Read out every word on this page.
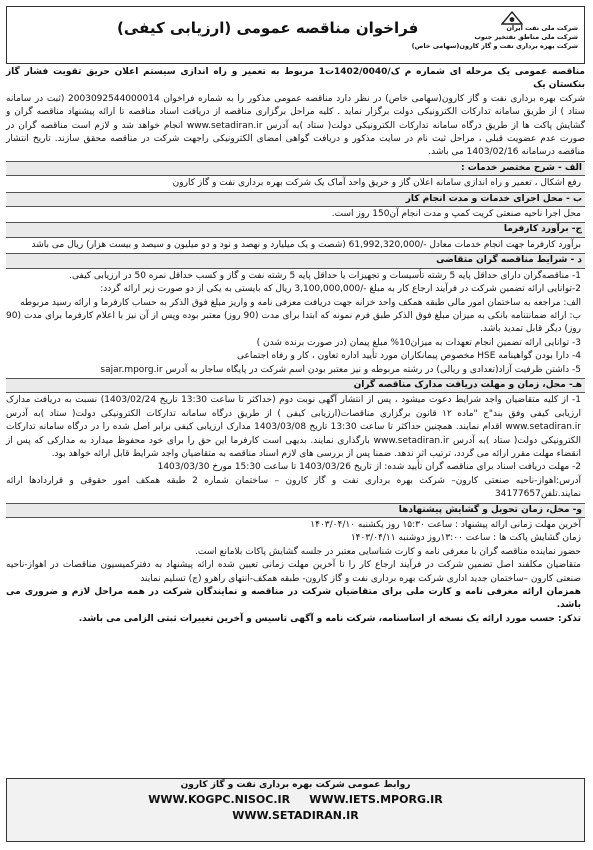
شرکت ملی نفت ایران
شرکت ملی مناطق نفتخیز جنوب
شرکت بهره برداری نفت و گاز کارون(سهامی خاص)
فراخوان مناقصه عمومی (ارزیابی کیفی)

مناقصه عمومی یک مرحله ای شماره م ک/1402/0040ت1 مربوط به تعمیر و راه اندازی سیستم اعلان حریق تقویت فشار گاز بنکستان یک

شرکت بهره برداری نفت و گاز کارون(سهامی خاص) در نظر دارد مناقصه عمومی مذکور را به شماره فراخوان 2003092544000014 (ثبت در سامانه ستاد ) از طریق سامانه تدارکات الکترونیکی دولت برگزار نماید . کلیه مراحل برگزاری مناقصه از دریافت اسناد مناقصه تا ارائه پیشنهاد مناقصه گران و گشایش پاکت ها از طریق درگاه سامانه تدارکات الکترونیکی دولت( ستاد )به آدرس www.setadiran.ir انجام خواهد شد و لازم است مناقصه گران در صورت عدم عضویت قبلی ، مراحل ثبت نام در سایت مذکور و دریافت گواهی امضای الکترونیکی راجهت شرکت در مناقصه محقق سازند. تاریخ انتشار مناقصه درسامانه 1403/02/16 می باشد.

الف - شرح مختصر خدمات :

رفع اشکال ، تعمیر و راه اندازی سامانه اعلان گاز و حریق واحد آماک یک شرکت بهره برداری نفت و گاز کارون

ب - محل اجرای خدمات و مدت انجام کار

محل اجرا ناحیه صنعتی کریت کمپ و مدت انجام آن150 روز است.

ج- برآورد کارفرما

برآورد کارفرما جهت انجام خدمات معادل -/61,992,320,000 (شصت و یک میلیارد و نهصد و نود و دو میلیون و سیصد و بیست هزار) ریال می باشد

د - شرایط مناقصه گران متقاضی

1- مناقصه‌گران دارای حداقل پایه 5 رشته تأسیسات و تجهیزات یا حداقل پایه 5 رشته نفت و گاز و کسب حداقل نمره 50 در ارزیابی کیفی.

2-توانایی ارائه تضمین شرکت در فرآیند ارجاع کار به مبلغ -/3,100,000,000 ریال که بایستی به یکی از دو صورت زیر ارائه گردد:

الف: مراجعه به ساختمان امور مالی طبقه همکف واحد خزانه جهت دریافت معرفی نامه و واریز مبلغ فوق الذکر به حساب کارفرما و ارائه رسید مربوطه

ب: ارائه ضمانتنامه بانکی به میزان مبلغ فوق الذکر طبق فرم نمونه که ابتدا برای مدت (90 روز) معتبر بوده وپس از آن نیز با اعلام کارفرما برای مدت (90 روز) دیگر قابل تمدید باشد.

3- توانایی ارائه تضمین انجام تعهدات به میزان10% مبلغ پیمان (در صورت برنده شدن )

4- دارا بودن گواهینامه HSE مخصوص پیمانکاران مورد تأیید اداره تعاون ، کار و رفاه اجتماعی

5- داشتن ظرفیت آزاد(تعدادی و ریالی) در رشته مربوطه و نیز معتبر بودن اسم شرکت در پایگاه ساجار به آدرس sajar.mporg.ir

هـ- محل، زمان و مهلت دریافت مدارک مناقصه گران

1- از کلیه متقاضیان واجد شرایط دعوت میشود ، پس از انتشار آگهی نوبت دوم (حداکثر تا ساعت 13:30 تاریخ 1403/02/24) نسبت به دریافت مدارک ارزیابی کیفی وفق بند"ج "ماده ۱۲ قانون برگزاری مناقصات(ارزیابی کیفی ) از طریق درگاه سامانه تدارکات الکترونیکی دولت( ستاد )به آدرس www.setadiran.ir اقدام نمایند. همچنین حداکثر تا ساعت 13:30 تاریخ 1403/03/08 مدارک ارزیابی کیفی برابر اصل شده را در درگاه سامانه تدارکات الکترونیکی دولت( ستاد )به آدرس www.setadiran.ir بارگذاری نمایند. بدیهی است کارفرما این حق را برای خود محفوظ میدارد به مدارکی که پس از انقضاء مهلت مقرر ارائه می گردد، ترتیب اثر ندهد. ضمنا پس از بررسی های لازم اسناد مناقصه به متقاضیان واجد شرایط قابل ارائه خواهد بود.

2- مهلت دریافت اسناد برای مناقصه گران تأیید شده: از تاریخ 1403/03/26 تا ساعت 15:30 مورخ 1403/03/30

آدرس:اهواز-ناحیه صنعتی کارون– شرکت بهره برداری نفت و گاز کارون – ساختمان شماره 2 طبقه همکف امور حقوقی و قراردادها ارائه نمایند.تلفن34177657

و- محل، زمان تحویل و گشایش پیشنهادها

آخرین مهلت زمانی ارائه پیشنهاد : ساعت ۱۵:۳۰ روز یکشنبه ۱۴۰۳/۰۴/۱۰

زمان گشایش پاکت ها : ساعت ۱۳:۰۰روز دوشنبه ۱۴۰۳/۰۴/۱۱

حضور نماینده مناقصه گران با معرفی نامه و کارت شناسایی معتبر در جلسه گشایش پاکات بلامانع است.

متقاضیان مکلفند اصل تضمین شرکت در فرآیند ارجاع کار را تا آخرین مهلت زمانی تعیین شده ارائه پیشنهاد به دفترکمیسیون مناقصات در اهواز-ناحیه صنعتی کارون –ساختمان جدید اداری شرکت بهره برداری نفت و گاز کارون- طبقه همکف-انتهای راهرو (ج) تسلیم نمایند

همزمان ارائه معرفی نامه و کارت ملی برای متقاضیان شرکت در مناقصه و نمایندگان شرکت در همه مراحل لازم و ضروری می باشد.

تذکر: حسب مورد ارائه یک نسخه از اساسنامه، شرکت نامه و آگهی تاسیس و آخرین تغییرات ثبتی الزامی می باشد.

روابط عمومی شرکت بهره برداری نفت و گاز کارون
WWW.KOGPC.NISOC.IR WWW.IETS.MPORG.IR
WWW.SETADIRAN.IR
